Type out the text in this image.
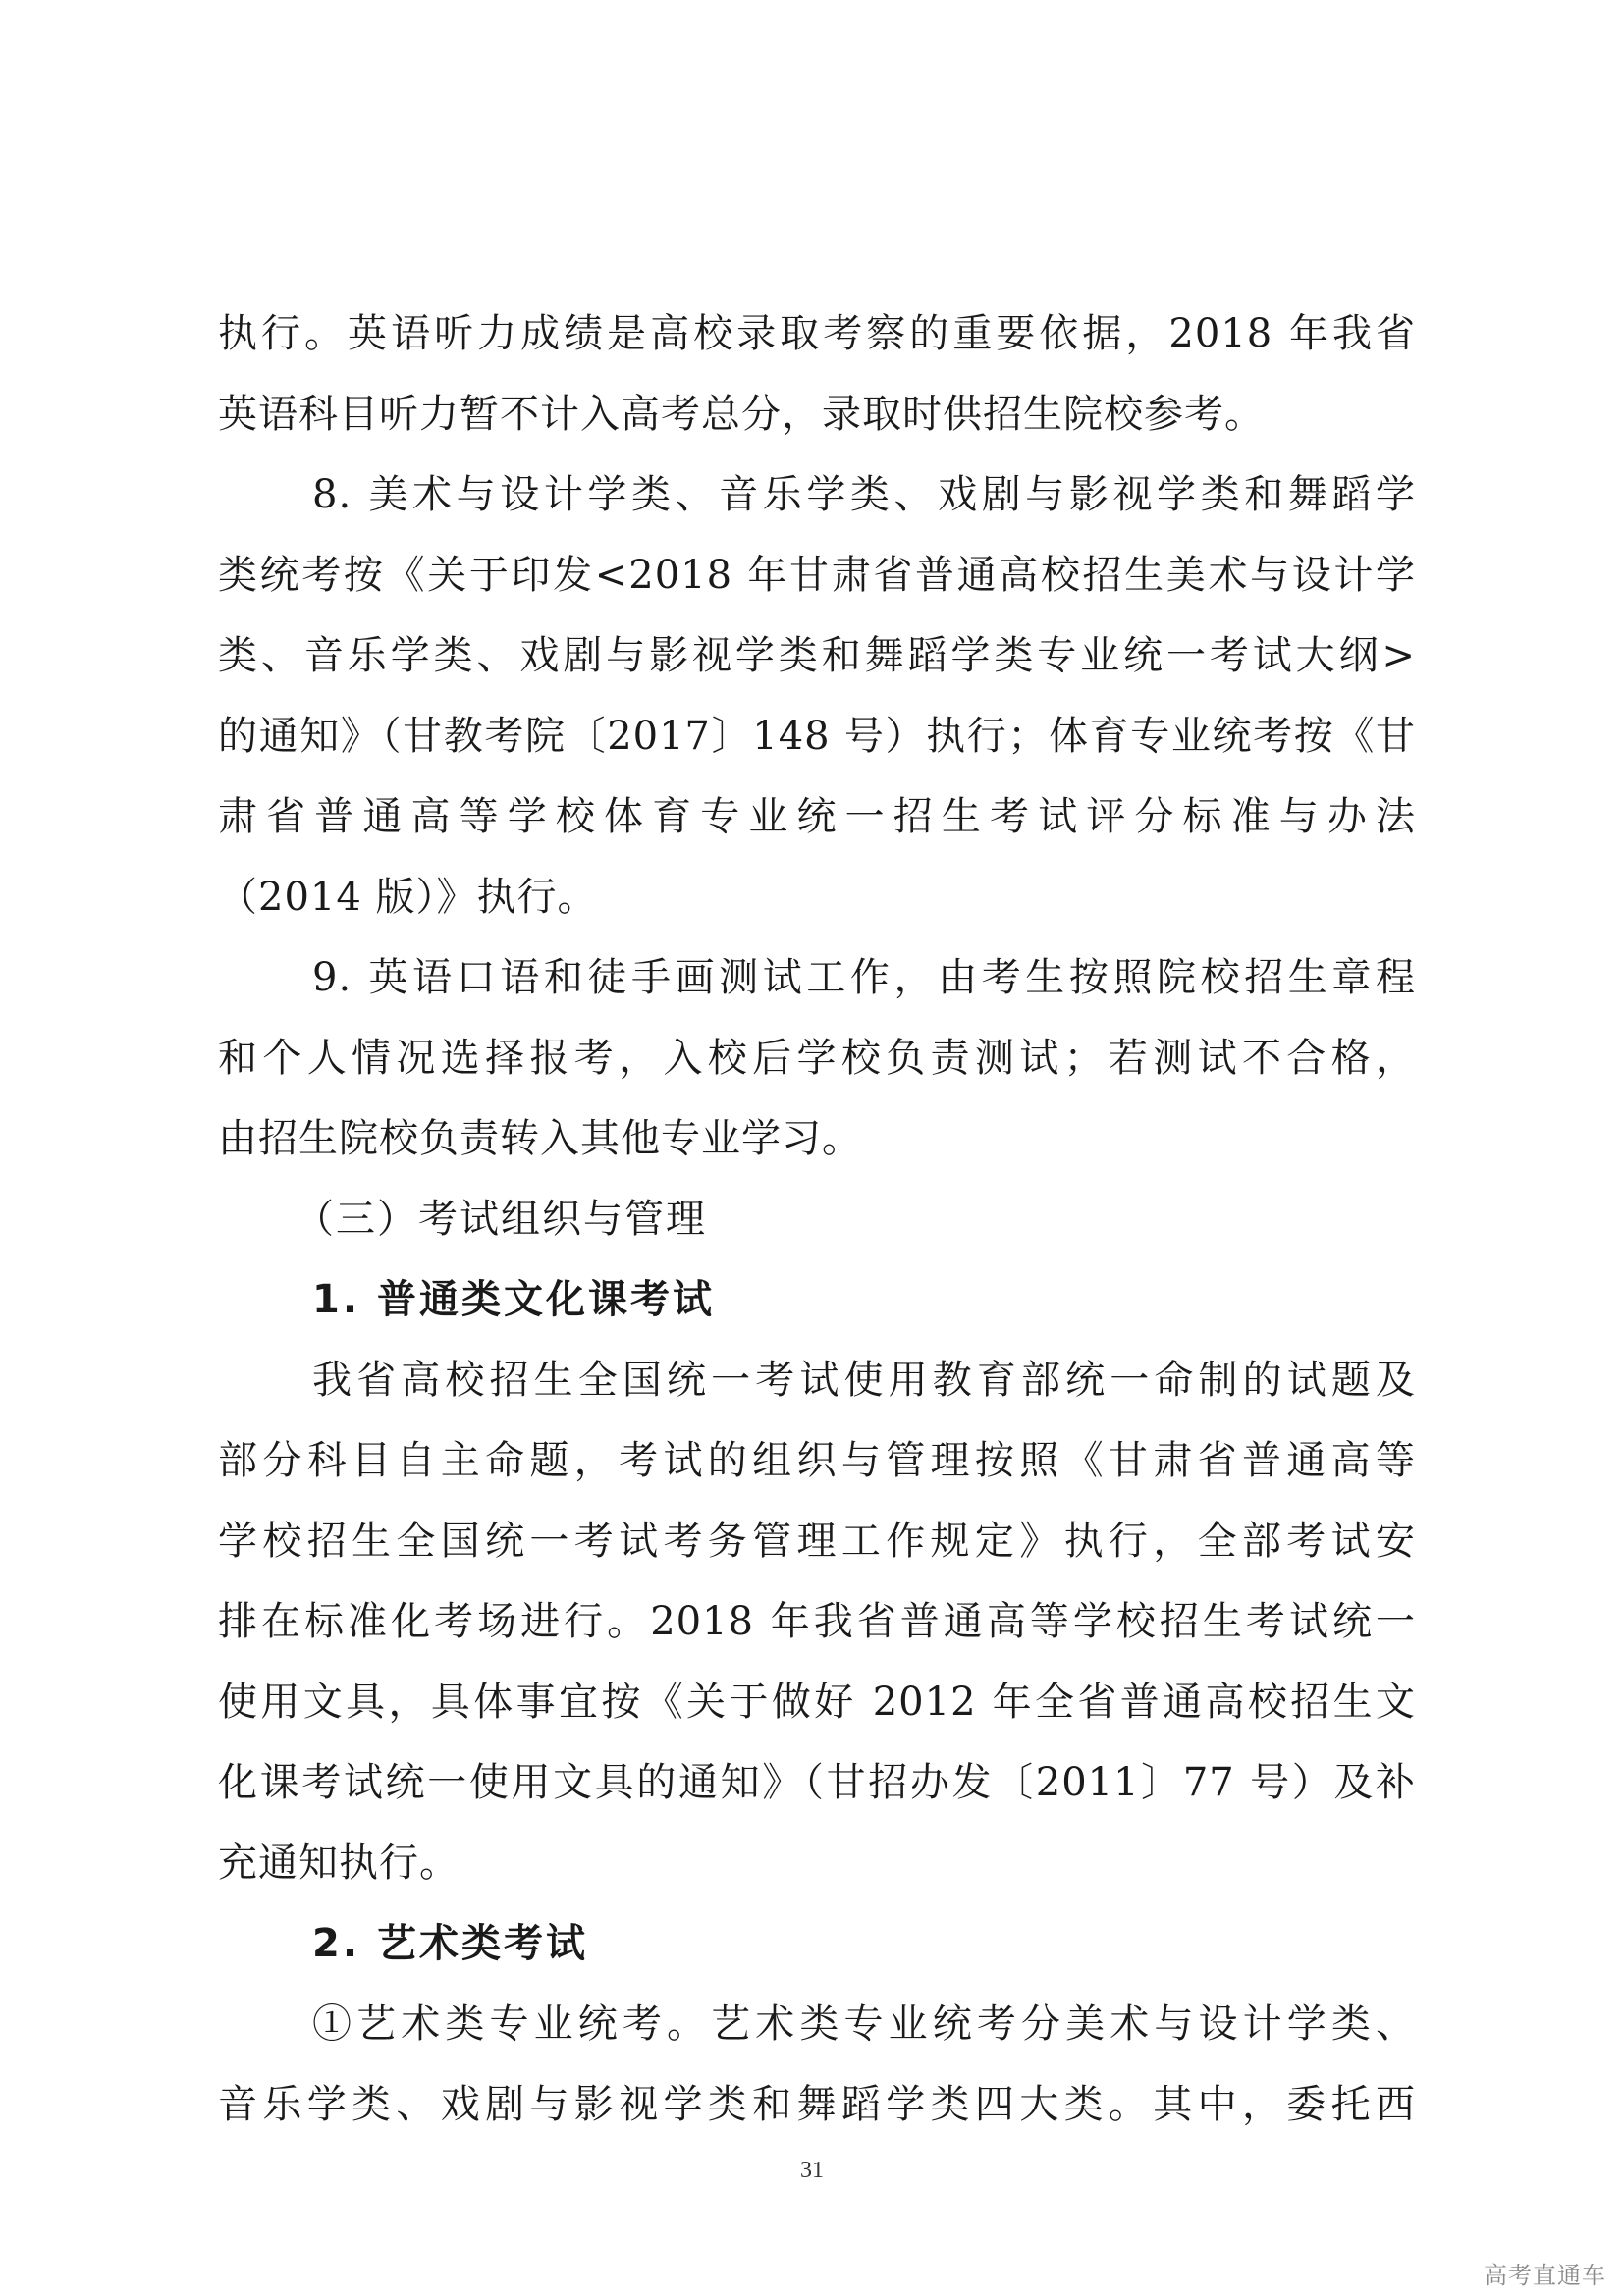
执行。英语听力成绩是高校录取考察的重要依据，2018 年我省
英语科目听力暂不计入高考总分，录取时供招生院校参考。
8. 美术与设计学类、音乐学类、戏剧与影视学类和舞蹈学
类统考按《关于印发<2018 年甘肃省普通高校招生美术与设计学
类、音乐学类、戏剧与影视学类和舞蹈学类专业统一考试大纲>
的通知》（甘教考院〔2017〕148 号）执行；体育专业统考按《甘
肃省普通高等学校体育专业统一招生考试评分标准与办法
（2014 版）》执行。
9. 英语口语和徒手画测试工作，由考生按照院校招生章程
和个人情况选择报考，入校后学校负责测试；若测试不合格，
由招生院校负责转入其他专业学习。
（三）考试组织与管理
1. 普通类文化课考试
我省高校招生全国统一考试使用教育部统一命制的试题及
部分科目自主命题，考试的组织与管理按照《甘肃省普通高等
学校招生全国统一考试考务管理工作规定》执行，全部考试安
排在标准化考场进行。2018 年我省普通高等学校招生考试统一
使用文具，具体事宜按《关于做好 2012 年全省普通高校招生文
化课考试统一使用文具的通知》（甘招办发〔2011〕77 号）及补
充通知执行。
2. 艺术类考试
①艺术类专业统考。艺术类专业统考分美术与设计学类、
音乐学类、戏剧与影视学类和舞蹈学类四大类。其中，委托西
31
高考直通车
